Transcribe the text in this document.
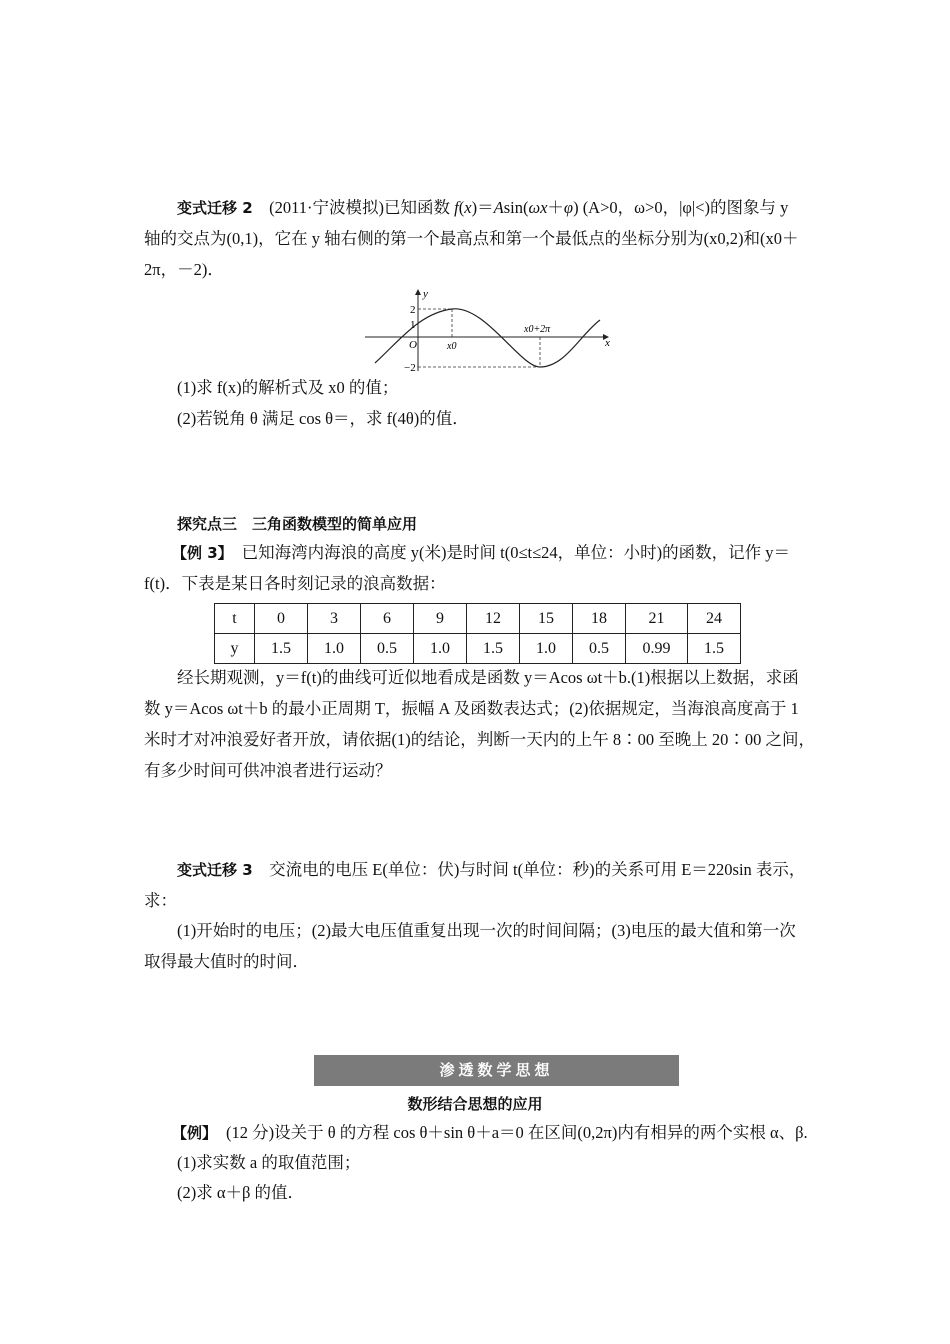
变式迁移 2　 (2011·宁波模拟)已知函数 f(x)＝Asin(ωx＋φ) (A>0，ω>0，|φ|<)的图象与 y
轴的交点为(0,1)，它在 y 轴右侧的第一个最高点和第一个最低点的坐标分别为(x0,2)和(x0＋
2π，－2)．
y
x
O
2
1
−2
x0
x0+2π
(1)求 f(x)的解析式及 x0 的值；
(2)若锐角 θ 满足 cos θ＝，求 f(4θ)的值．
探究点三　三角函数模型的简单应用
【例 3】　 已知海湾内海浪的高度 y(米)是时间 t(0≤t≤24，单位：小时)的函数，记作 y＝
f(t)．下表是某日各时刻记录的浪高数据：
t	0	3	6	9	12	15	18	21	24
y	1.5	1.0	0.5	1.0	1.5	1.0	0.5	0.99	1.5
经长期观测，y＝f(t)的曲线可近似地看成是函数 y＝Acos ωt＋b.(1)根据以上数据，求函
数 y＝Acos ωt＋b 的最小正周期 T，振幅 A 及函数表达式；(2)依据规定，当海浪高度高于 1
米时才对冲浪爱好者开放，请依据(1)的结论，判断一天内的上午 8∶00 至晚上 20∶00 之间，
有多少时间可供冲浪者进行运动？
变式迁移 3　 交流电的电压 E(单位：伏)与时间 t(单位：秒)的关系可用 E＝220sin 表示，
求：
(1)开始时的电压；(2)最大电压值重复出现一次的时间间隔；(3)电压的最大值和第一次
取得最大值时的时间．
渗透数学思想
数形结合思想的应用
【例】　 (12 分)设关于 θ 的方程 cos θ＋sin θ＋a＝0 在区间(0,2π)内有相异的两个实根 α、β.
(1)求实数 a 的取值范围；
(2)求 α＋β 的值．
